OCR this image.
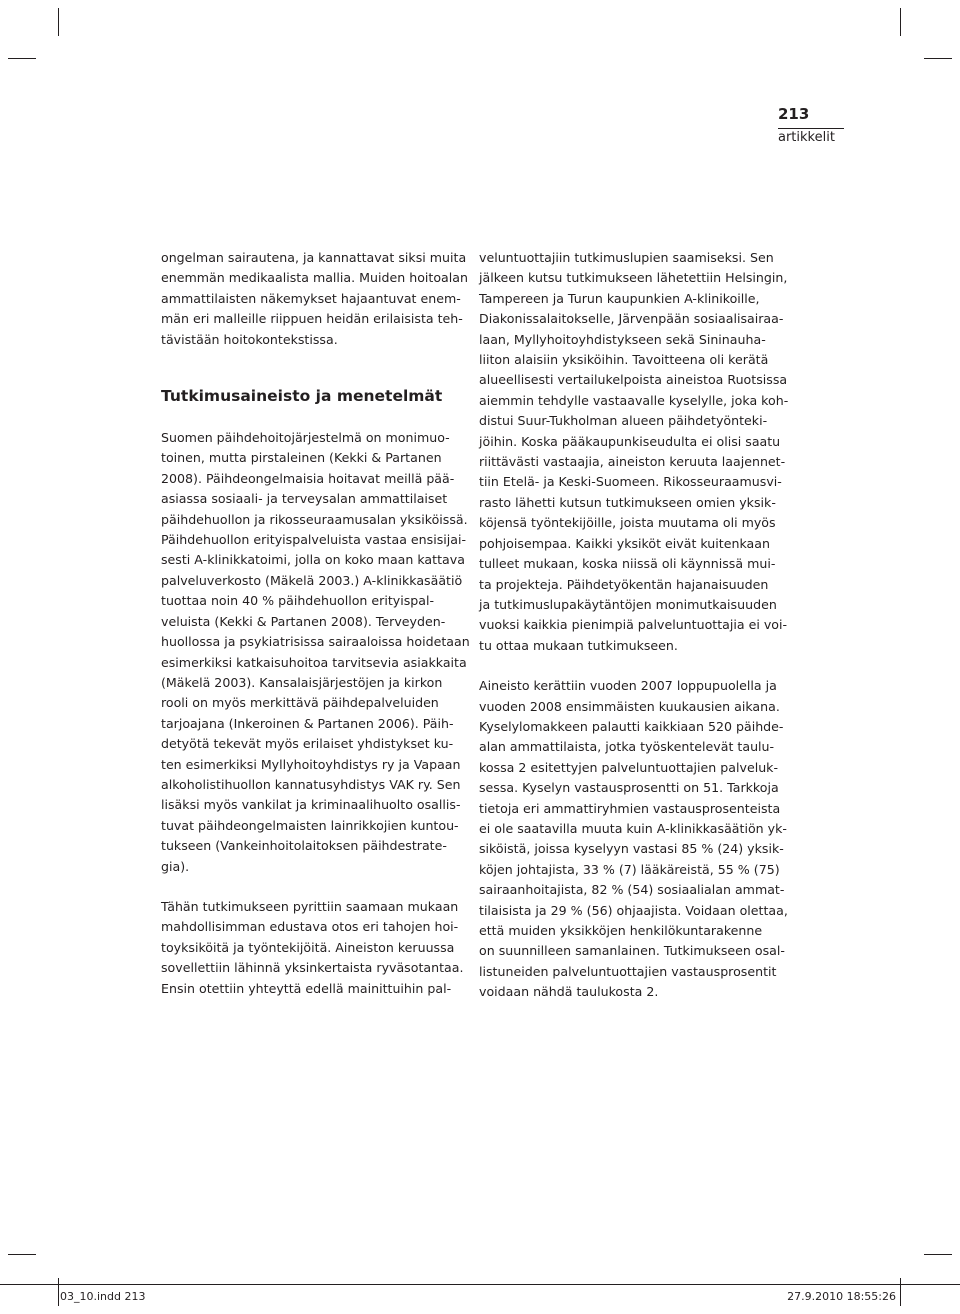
213
artikkelit

ongelman sairautena, ja kannattavat siksi muita
enemmän medikaalista mallia. Muiden hoitoalan
ammattilaisten näkemykset hajaantuvat enem-
män eri malleille riippuen heidän erilaisista teh-
tävistään hoitokontekstissa.

Tutkimusaineisto ja menetelmät

Suomen päihdehoitojärjestelmä on monimuo-
toinen, mutta pirstaleinen (Kekki & Partanen
2008). Päihdeongelmaisia hoitavat meillä pää-
asiassa sosiaali- ja terveysalan ammattilaiset
päihdehuollon ja rikosseuraamusalan yksiköissä.
Päihdehuollon erityispalveluista vastaa ensisijai-
sesti A-klinikkatoimi, jolla on koko maan kattava
palveluverkosto (Mäkelä 2003.) A-klinikkasäätiö
tuottaa noin 40 % päihdehuollon erityispal-
veluista (Kekki & Partanen 2008). Terveyden-
huollossa ja psykiatrisissa sairaaloissa hoidetaan
esimerkiksi katkaisuhoitoa tarvitsevia asiakkaita
(Mäkelä 2003). Kansalaisjärjestöjen ja kirkon
rooli on myös merkittävä päihdepalveluiden
tarjoajana (Inkeroinen & Partanen 2006). Päih-
detyötä tekevät myös erilaiset yhdistykset ku-
ten esimerkiksi Myllyhoitoyhdistys ry ja Vapaan
alkoholistihuollon kannatusyhdistys VAK ry. Sen
lisäksi myös vankilat ja kriminaalihuolto osallis-
tuvat päihdeongelmaisten lainrikkojien kuntou-
tukseen (Vankeinhoitolaitoksen päihdestrate-
gia).

Tähän tutkimukseen pyrittiin saamaan mukaan
mahdollisimman edustava otos eri tahojen hoi-
toyksiköitä ja työntekijöitä. Aineiston keruussa
sovellettiin lähinnä yksinkertaista ryväsotantaa.
Ensin otettiin yhteyttä edellä mainittuihin pal-

veluntuottajiin tutkimuslupien saamiseksi. Sen
jälkeen kutsu tutkimukseen lähetettiin Helsingin,
Tampereen ja Turun kaupunkien A-klinikoille,
Diakonissalaitokselle, Järvenpään sosiaalisairaa-
laan, Myllyhoitoyhdistykseen sekä Sininauha-
liiton alaisiin yksiköihin. Tavoitteena oli kerätä
alueellisesti vertailukelpoista aineistoa Ruotsissa
aiemmin tehdylle vastaavalle kyselylle, joka koh-
distui Suur-Tukholman alueen päihdetyönteki-
jöihin. Koska pääkaupunkiseudulta ei olisi saatu
riittävästi vastaajia, aineiston keruuta laajennet-
tiin Etelä- ja Keski-Suomeen. Rikosseuraamusvi-
rasto lähetti kutsun tutkimukseen omien yksik-
köjensä työntekijöille, joista muutama oli myös
pohjoisempaa. Kaikki yksiköt eivät kuitenkaan
tulleet mukaan, koska niissä oli käynnissä mui-
ta projekteja. Päihdetyökentän hajanaisuuden
ja tutkimuslupakäytäntöjen monimutkaisuuden
vuoksi kaikkia pienimpiä palveluntuottajia ei voi-
tu ottaa mukaan tutkimukseen.

Aineisto kerättiin vuoden 2007 loppupuolella ja
vuoden 2008 ensimmäisten kuukausien aikana.
Kyselylomakkeen palautti kaikkiaan 520 päihde-
alan ammattilaista, jotka työskentelevät taulu-
kossa 2 esitettyjen palveluntuottajien palveluk-
sessa. Kyselyn vastausprosentti on 51. Tarkkoja
tietoja eri ammattiryhmien vastausprosenteista
ei ole saatavilla muuta kuin A-klinikkasäätiön yk-
siköistä, joissa kyselyyn vastasi 85 % (24) yksik-
köjen johtajista, 33 % (7) lääkäreistä, 55 % (75)
sairaanhoitajista, 82 % (54) sosiaalialan ammat-
tilaisista ja 29 % (56) ohjaajista. Voidaan olettaa,
että muiden yksikköjen henkilökuntarakenne
on suunnilleen samanlainen. Tutkimukseen osal-
listuneiden palveluntuottajien vastausprosentit
voidaan nähdä taulukosta 2.

03_10.indd 213	27.9.2010 18:55:26
